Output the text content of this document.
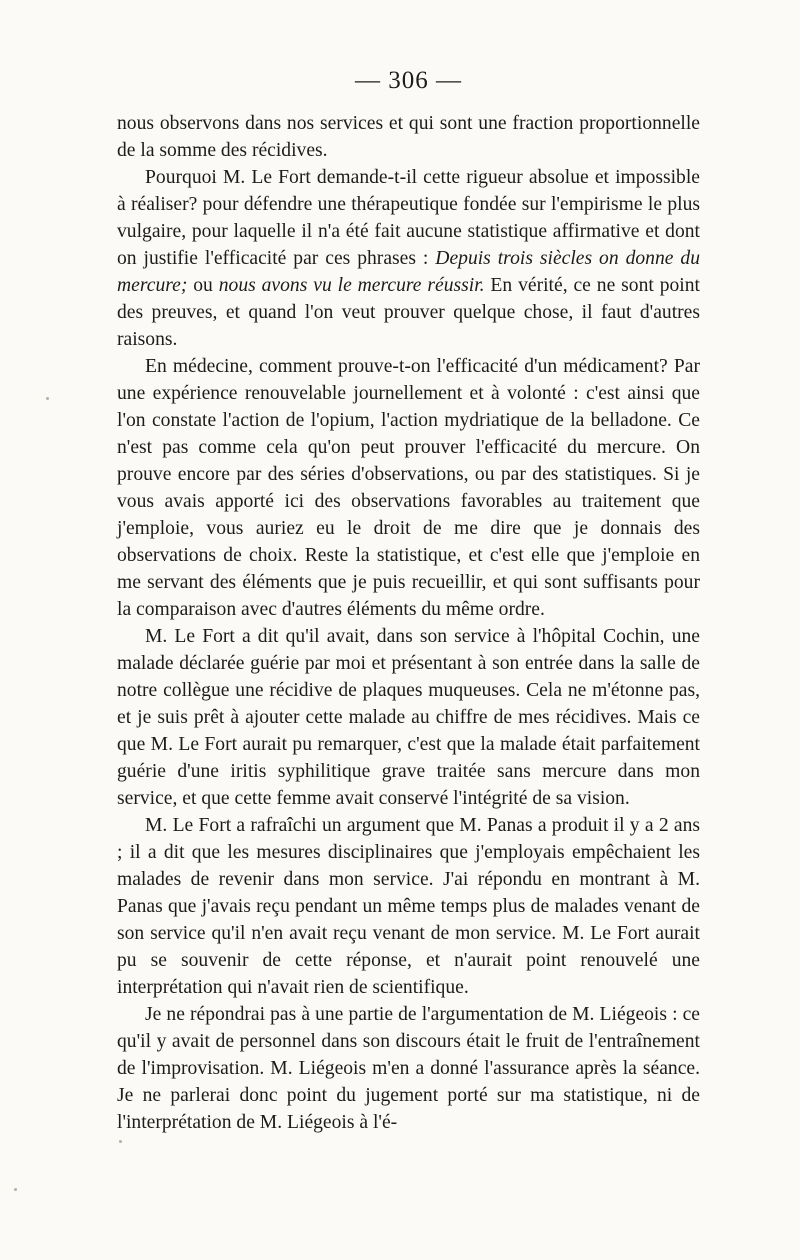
— 306 —

nous observons dans nos services et qui sont une fraction proportionnelle de la somme des récidives.

Pourquoi M. Le Fort demande-t-il cette rigueur absolue et impossible à réaliser? pour défendre une thérapeutique fondée sur l'empirisme le plus vulgaire, pour laquelle il n'a été fait aucune statistique affirmative et dont on justifie l'efficacité par ces phrases : Depuis trois siècles on donne du mercure; ou nous avons vu le mercure réussir. En vérité, ce ne sont point des preuves, et quand l'on veut prouver quelque chose, il faut d'autres raisons.

En médecine, comment prouve-t-on l'efficacité d'un médicament? Par une expérience renouvelable journellement et à volonté : c'est ainsi que l'on constate l'action de l'opium, l'action mydriatique de la belladone. Ce n'est pas comme cela qu'on peut prouver l'efficacité du mercure. On prouve encore par des séries d'observations, ou par des statistiques. Si je vous avais apporté ici des observations favorables au traitement que j'emploie, vous auriez eu le droit de me dire que je donnais des observations de choix. Reste la statistique, et c'est elle que j'emploie en me servant des éléments que je puis recueillir, et qui sont suffisants pour la comparaison avec d'autres éléments du même ordre.

M. Le Fort a dit qu'il avait, dans son service à l'hôpital Cochin, une malade déclarée guérie par moi et présentant à son entrée dans la salle de notre collègue une récidive de plaques muqueuses. Cela ne m'étonne pas, et je suis prêt à ajouter cette malade au chiffre de mes récidives. Mais ce que M. Le Fort aurait pu remarquer, c'est que la malade était parfaitement guérie d'une iritis syphilitique grave traitée sans mercure dans mon service, et que cette femme avait conservé l'intégrité de sa vision.

M. Le Fort a rafraîchi un argument que M. Panas a produit il y a 2 ans ; il a dit que les mesures disciplinaires que j'employais empêchaient les malades de revenir dans mon service. J'ai répondu en montrant à M. Panas que j'avais reçu pendant un même temps plus de malades venant de son service qu'il n'en avait reçu venant de mon service. M. Le Fort aurait pu se souvenir de cette réponse, et n'aurait point renouvelé une interprétation qui n'avait rien de scientifique.

Je ne répondrai pas à une partie de l'argumentation de M. Liégeois : ce qu'il y avait de personnel dans son discours était le fruit de l'entraînement de l'improvisation. M. Liégeois m'en a donné l'assurance après la séance. Je ne parlerai donc point du jugement porté sur ma statistique, ni de l'interprétation de M. Liégeois à l'é-
